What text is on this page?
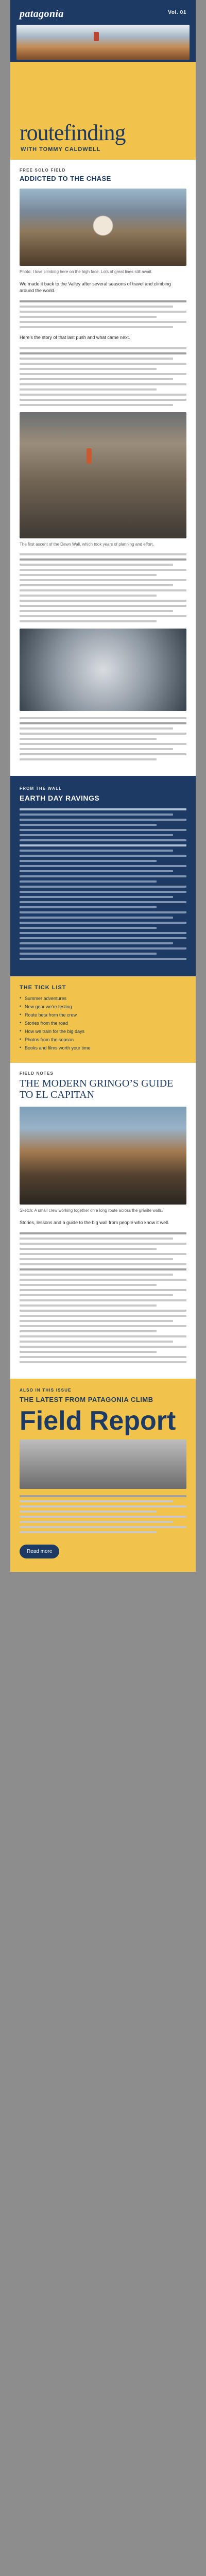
patagonia	Vol. 01
routefinding
WITH TOMMY CALDWELL
FREE SOLO FIELD
ADDICTED TO THE CHASE
Photo: I love climbing here on the high face. Lots of great lines still await.
We made it back to the Valley after several seasons of travel and climbing around the world.
Here’s the story of that last push and what came next.
The first ascent of the Dawn Wall, which took years of planning and effort.
FROM THE WALL
EARTH DAY RAVINGS
THE TICK LIST
• Summer adventures
• New gear we’re testing
• Route beta from the crew
• Stories from the road
• How we train for the big days
• Photos from the season
• Books and films worth your time
FIELD NOTES
THE MODERN GRINGO’S GUIDE TO EL CAPITAN
Sketch: A small crew working together on a long route across the granite walls.
Stories, lessons and a guide to the big wall from people who know it well.
ALSO IN THIS ISSUE
THE LATEST FROM PATAGONIA CLIMB
Field Report
Read more
